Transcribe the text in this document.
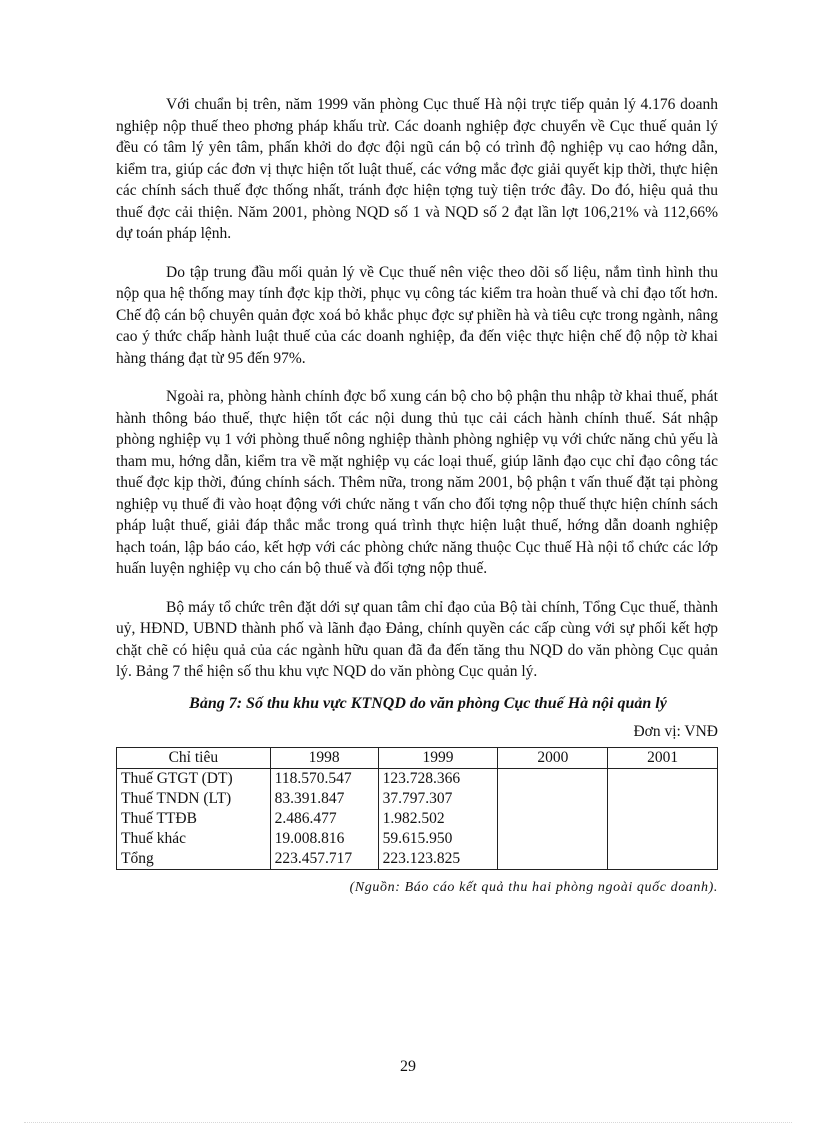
Với chuẩn bị trên, năm 1999 văn phòng Cục thuế Hà nội trực tiếp quản lý 4.176 doanh nghiệp nộp thuế theo phơng pháp khấu trừ. Các doanh nghiệp đợc chuyển về Cục thuế quản lý đều có tâm lý yên tâm, phấn khởi do đợc đội ngũ cán bộ có trình độ nghiệp vụ cao hớng dẫn, kiểm tra, giúp các đơn vị thực hiện tốt luật thuế, các vớng mắc đợc giải quyết kịp thời, thực hiện các chính sách thuế đợc thống nhất, tránh đợc hiện tợng tuỳ tiện trớc đây. Do đó, hiệu quả thu thuế đợc cải thiện. Năm 2001, phòng NQD số 1 và NQD số 2 đạt lần lợt 106,21% và 112,66% dự toán pháp lệnh.

Do tập trung đầu mối quản lý về Cục thuế nên việc theo dõi số liệu, nắm tình hình thu nộp qua hệ thống may tính đợc kịp thời, phục vụ công tác kiểm tra hoàn thuế và chỉ đạo tốt hơn. Chế độ cán bộ chuyên quản đợc xoá bỏ khắc phục đợc sự phiền hà và tiêu cực trong ngành, nâng cao ý thức chấp hành luật thuế của các doanh nghiệp, đa đến việc thực hiện chế độ nộp tờ khai hàng tháng đạt từ 95 đến 97%.

Ngoài ra, phòng hành chính đợc bổ xung cán bộ cho bộ phận thu nhập tờ khai thuế, phát hành thông báo thuế, thực hiện tốt các nội dung thủ tục cải cách hành chính thuế. Sát nhập phòng nghiệp vụ 1 với phòng thuế nông nghiệp thành phòng nghiệp vụ với chức năng chủ yếu là tham mu, hớng dẫn, kiểm tra về mặt nghiệp vụ các loại thuế, giúp lãnh đạo cục chỉ đạo công tác thuế đợc kịp thời, đúng chính sách. Thêm nữa, trong năm 2001, bộ phận t vấn thuế đặt tại phòng nghiệp vụ thuế đi vào hoạt động với chức năng t vấn cho đối tợng nộp thuế thực hiện chính sách pháp luật thuế, giải đáp thắc mắc trong quá trình thực hiện luật thuế, hớng dẫn doanh nghiệp hạch toán, lập báo cáo, kết hợp với các phòng chức năng thuộc Cục thuế Hà nội tổ chức các lớp huấn luyện nghiệp vụ cho cán bộ thuế và đối tợng nộp thuế.

Bộ máy tổ chức trên đặt dới sự quan tâm chỉ đạo của Bộ tài chính, Tổng Cục thuế, thành uỷ, HĐND, UBND thành phố và lãnh đạo Đảng, chính quyền các cấp cùng với sự phối kết hợp chặt chẽ có hiệu quả của các ngành hữu quan đã đa đến tăng thu NQD do văn phòng Cục quản lý. Bảng 7 thể hiện số thu khu vực NQD do văn phòng Cục quản lý.

Bảng 7: Số thu khu vực KTNQD do văn phòng Cục thuế Hà nội quản lý
Đơn vị: VNĐ
Chỉ tiêu	1998	1999	2000	2001
Thuế GTGT (DT)	118.570.547	123.728.366		
Thuế TNDN (LT)	83.391.847	37.797.307		
Thuế TTĐB	2.486.477	1.982.502		
Thuế khác	19.008.816	59.615.950		
Tổng	223.457.717	223.123.825		
(Nguồn: Báo cáo kết quả thu hai phòng ngoài quốc doanh).
29
